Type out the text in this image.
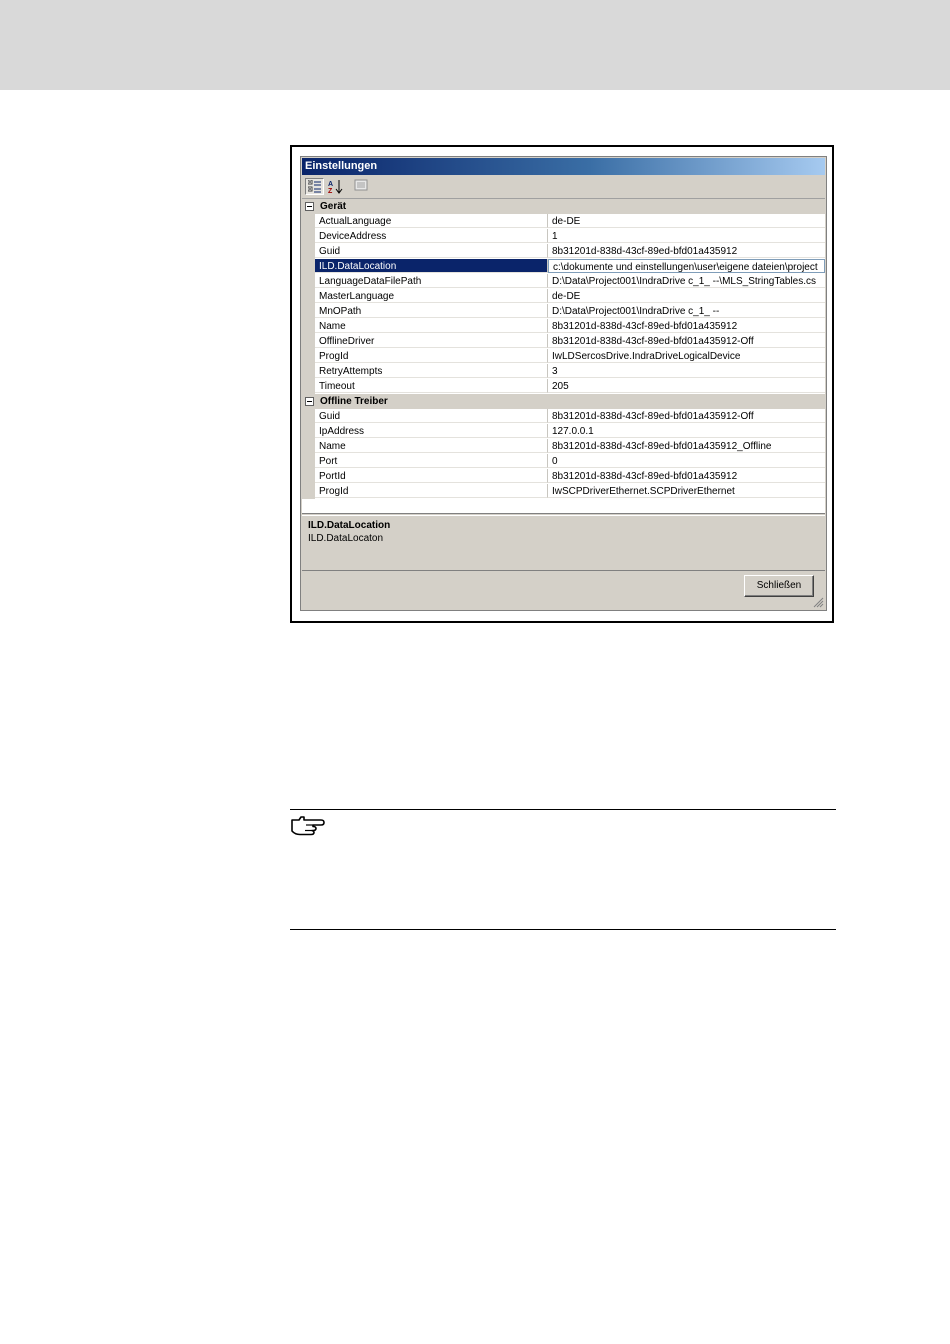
Einstellungen
A
Z
Gerät
ActualLanguage	de-DE
DeviceAddress	1
Guid	8b31201d-838d-43cf-89ed-bfd01a435912
ILD.DataLocation	c:\dokumente und einstellungen\user\eigene dateien\project
LanguageDataFilePath	D:\Data\Project001\IndraDrive c_1_ --\MLS_StringTables.cs
MasterLanguage	de-DE
MnOPath	D:\Data\Project001\IndraDrive c_1_ --
Name	8b31201d-838d-43cf-89ed-bfd01a435912
OfflineDriver	8b31201d-838d-43cf-89ed-bfd01a435912-Off
ProgId	IwLDSercosDrive.IndraDriveLogicalDevice
RetryAttempts	3
Timeout	205
Offline Treiber
Guid	8b31201d-838d-43cf-89ed-bfd01a435912-Off
IpAddress	127.0.0.1
Name	8b31201d-838d-43cf-89ed-bfd01a435912_Offline
Port	0
PortId	8b31201d-838d-43cf-89ed-bfd01a435912
ProgId	IwSCPDriverEthernet.SCPDriverEthernet
ILD.DataLocation
ILD.DataLocaton
Schließen
